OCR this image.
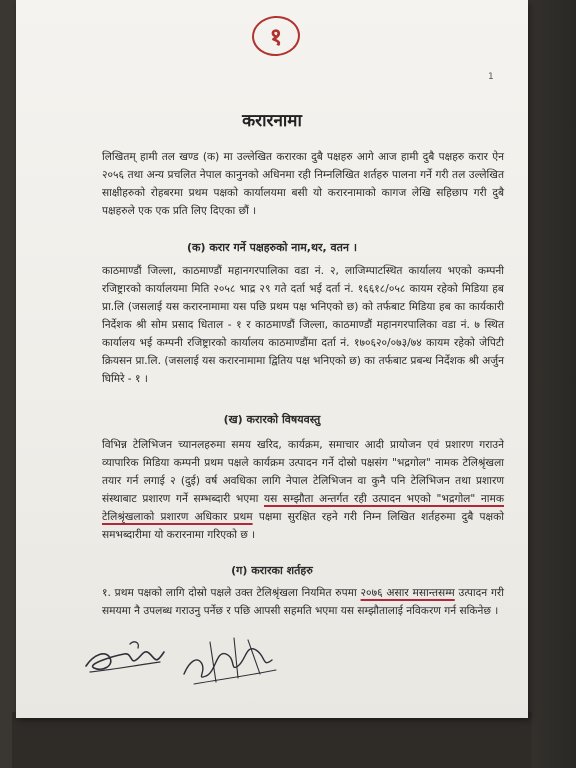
१
1
करारनामा
लिखितम् हामी तल खण्ड (क) मा उल्लेखित करारका दुबै पक्षहरु आगे आज हामी दुबै पक्षहरु करार ऐन २०५६ तथा अन्य प्रचलित नेपाल कानुनको अधिनमा रही निम्नलिखित शर्तहरु पालना गर्ने गरी तल उल्लेखित साक्षीहरुको रोहबरमा प्रथम पक्षको कार्यालयमा बसी यो करारनामाको कागज लेखि सहिछाप गरी दुबै पक्षहरुले एक एक प्रति लिए दिएका छौं ।
(क) करार गर्ने पक्षहरुको नाम,थर, वतन ।
काठमाण्डौं जिल्ला, काठमाण्डौं महानगरपालिका वडा नं. २, लाजिम्पाटस्थित कार्यालय भएको कम्पनी रजिष्ट्रारको कार्यालयमा मिति २०५८ भाद्र २९ गते दर्ता भई दर्ता नं. १६६१८/०५८ कायम रहेको मिडिया हब प्रा.लि (जसलाई यस करारनामामा यस पछि प्रथम पक्ष भनिएको छ) को तर्फबाट मिडिया हब का कार्यकारी निर्देशक श्री सोम प्रसाद धिताल - १ र काठमाण्डौं जिल्ला, काठमाण्डौं महानगरपालिका वडा नं. ७ स्थित कार्यालय भई कम्पनी रजिष्ट्रारको कार्यालय काठमाण्डौंमा दर्ता नं. १७०६२०/०७३/७४ कायम रहेको जेपिटी क्रियसन प्रा.लि. (जसलाई यस करारनामामा द्वितिय पक्ष भनिएको छ) का तर्फबाट प्रबन्ध निर्देशक श्री अर्जुन घिमिरे - १ ।
(ख) करारको विषयवस्तु
विभिन्न टेलिभिजन च्यानलहरुमा समय खरिद, कार्यक्रम, समाचार आदी प्रायोजन एवं प्रशारण गराउने व्यापारिक मिडिया कम्पनी प्रथम पक्षले कार्यक्रम उत्पादन गर्ने दोस्रो पक्षसंग "भद्रगोल" नामक टेलिश्रृंखला तयार गर्न लगाई २ (दुई) वर्ष अवधिका लागि नेपाल टेलिभिजन वा कुनै पनि टेलिभिजन तथा प्रशारण संस्थाबाट प्रशारण गर्ने सम्भब्दारी भएमा यस सम्झौता अन्तर्गत रही उत्पादन भएको "भद्रगोल" नामक टेलिश्रृंखलाको प्रशारण अधिकार प्रथम पक्षमा सुरक्षित रहने गरी निम्न लिखित शर्तहरुमा दुबै पक्षको समभब्दारीमा यो करारनामा गरिएको छ ।
(ग) करारका शर्तहरु
१. प्रथम पक्षको लागि दोस्रो पक्षले उक्त टेलिश्रृंखला नियमित रुपमा २०७६ असार मसान्तसम्म उत्पादन गरी समयमा नै उपलब्ध गराउनु पर्नेछ र पछि आपसी सहमति भएमा यस सम्झौतालाई नविकरण गर्न सकिनेछ ।
